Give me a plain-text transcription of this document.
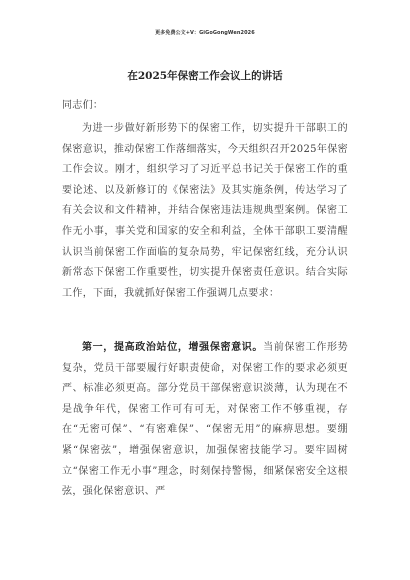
更多免费公文+V：GiGoGongWen2026
在2025年保密工作会议上的讲话
同志们：

为进一步做好新形势下的保密工作，切实提升干部职工的保密意识，推动保密工作落细落实，今天组织召开2025年保密工作会议。刚才，组织学习了习近平总书记关于保密工作的重要论述、以及新修订的《保密法》及其实施条例，传达学习了有关会议和文件精神，并结合保密违法违规典型案例。保密工作无小事，事关党和国家的安全和利益，全体干部职工要清醒认识当前保密工作面临的复杂局势，牢记保密红线，充分认识新常态下保密工作重要性，切实提升保密责任意识。结合实际工作，下面，我就抓好保密工作强调几点要求：

第一，提高政治站位，增强保密意识。当前保密工作形势复杂，党员干部要履行好职责使命，对保密工作的要求必须更严、标准必须更高。部分党员干部保密意识淡薄，认为现在不是战争年代，保密工作可有可无，对保密工作不够重视，存在“无密可保”、“有密难保”、“保密无用”的麻痹思想。要绷紧“保密弦”，增强保密意识，加强保密技能学习。要牢固树立“保密工作无小事”理念，时刻保持警惕，细紧保密安全这根弦，强化保密意识、严
